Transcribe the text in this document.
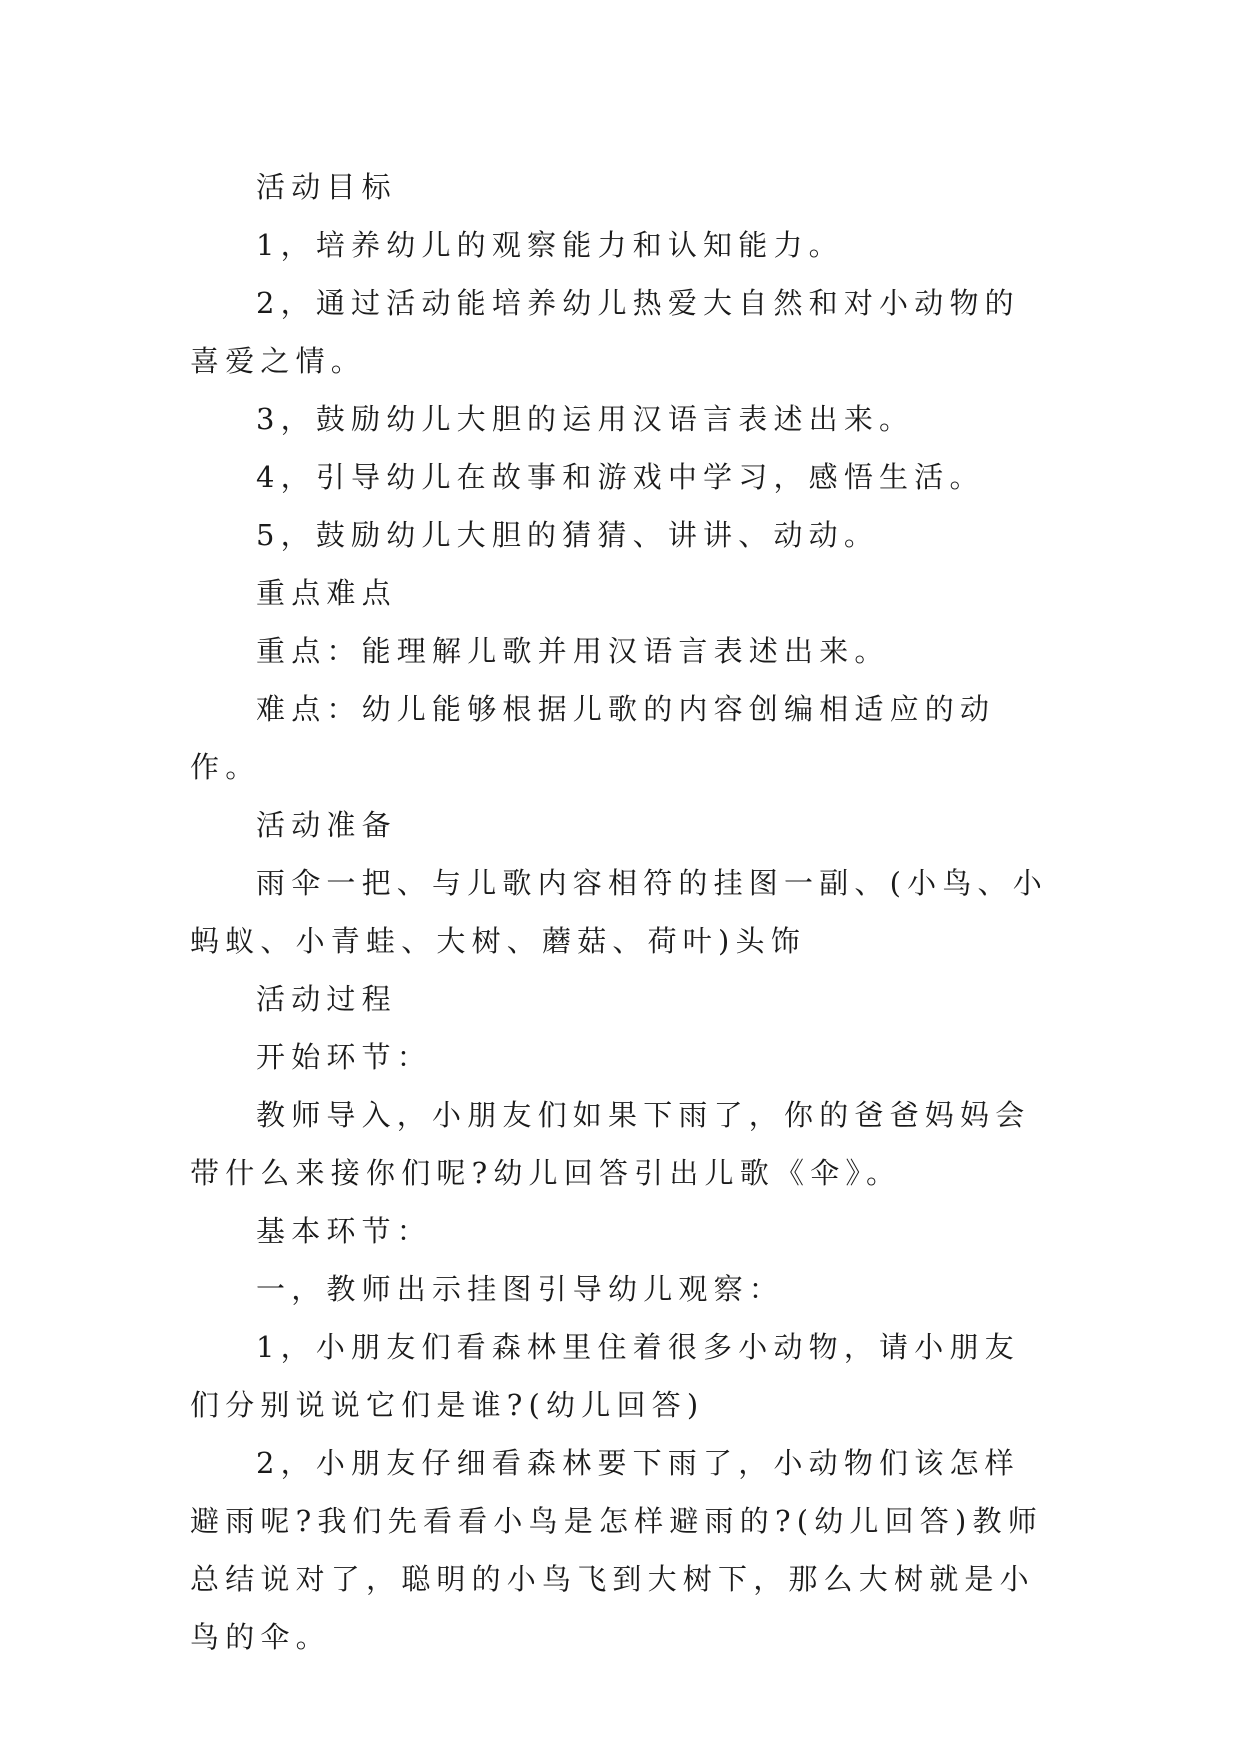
活动目标

1，培养幼儿的观察能力和认知能力。

2，通过活动能培养幼儿热爱大自然和对小动物的喜爱之情。

3，鼓励幼儿大胆的运用汉语言表述出来。

4，引导幼儿在故事和游戏中学习，感悟生活。

5，鼓励幼儿大胆的猜猜、讲讲、动动。

重点难点

重点：能理解儿歌并用汉语言表述出来。

难点：幼儿能够根据儿歌的内容创编相适应的动作。

活动准备

雨伞一把、与儿歌内容相符的挂图一副、(小鸟、小蚂蚁、小青蛙、大树、蘑菇、荷叶)头饰

活动过程

开始环节：

教师导入，小朋友们如果下雨了，你的爸爸妈妈会带什么来接你们呢?幼儿回答引出儿歌《伞》。

基本环节：

一，教师出示挂图引导幼儿观察：

1，小朋友们看森林里住着很多小动物，请小朋友们分别说说它们是谁?(幼儿回答)

2，小朋友仔细看森林要下雨了，小动物们该怎样避雨呢?我们先看看小鸟是怎样避雨的?(幼儿回答)教师总结说对了，聪明的小鸟飞到大树下，那么大树就是小鸟的伞。
